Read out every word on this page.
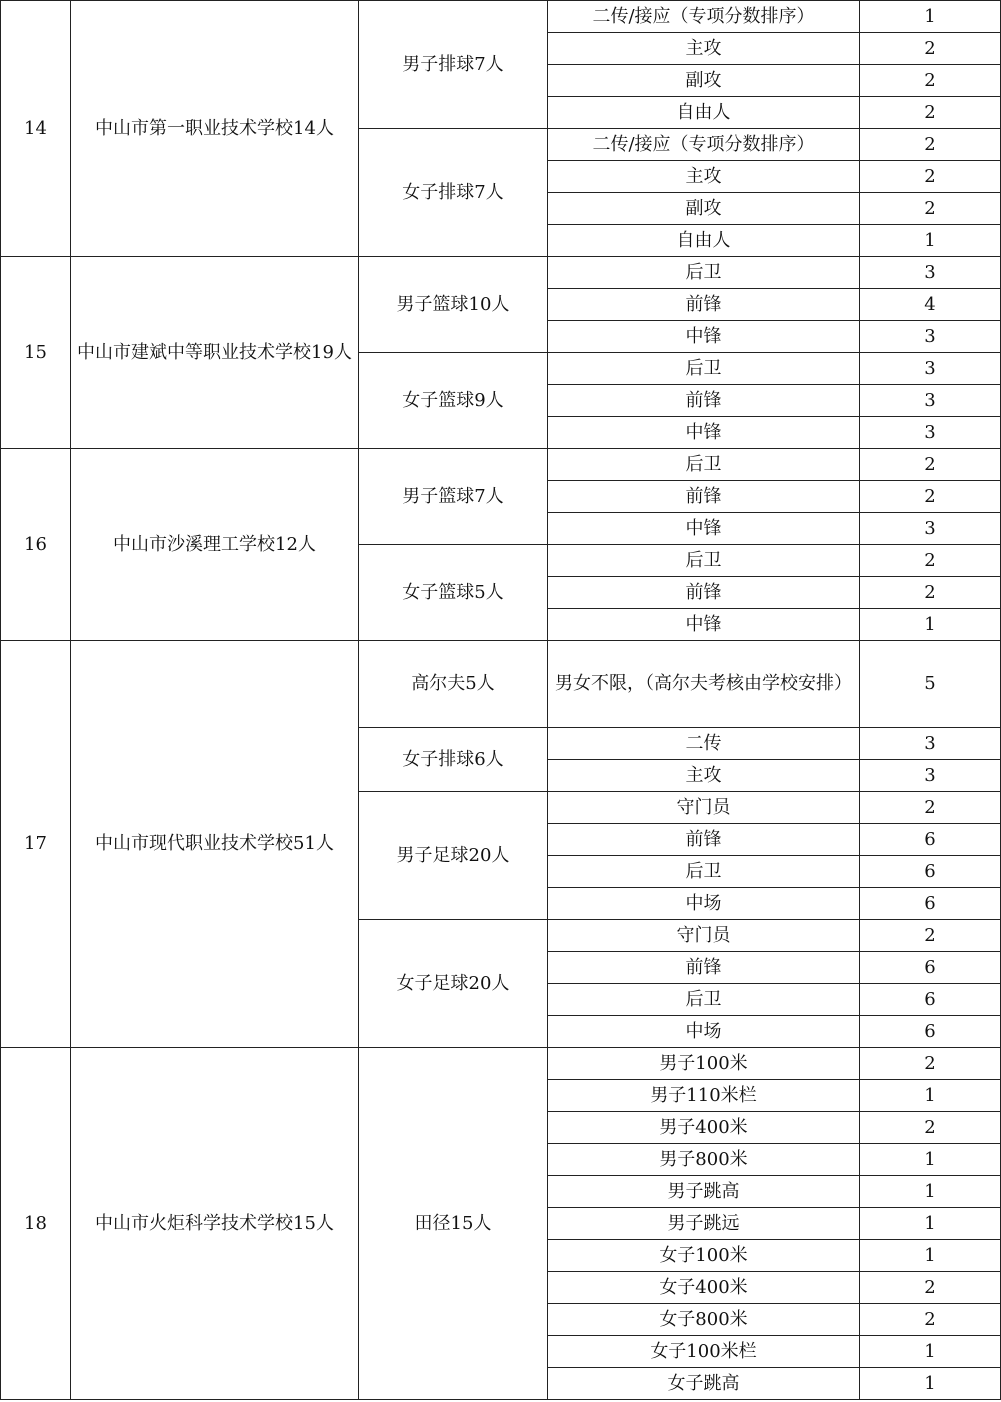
14	中山市第一职业技术学校14人	男子排球7人	二传/接应（专项分数排序）	1
			主攻	2
			副攻	2
			自由人	2
		女子排球7人	二传/接应（专项分数排序）	2
			主攻	2
			副攻	2
			自由人	1
15	中山市建斌中等职业技术学校19人	男子篮球10人	后卫	3
			前锋	4
			中锋	3
		女子篮球9人	后卫	3
			前锋	3
			中锋	3
16	中山市沙溪理工学校12人	男子篮球7人	后卫	2
			前锋	2
			中锋	3
		女子篮球5人	后卫	2
			前锋	2
			中锋	1
17	中山市现代职业技术学校51人	高尔夫5人	男女不限，（高尔夫考核由学校安排）	5
		女子排球6人	二传	3
			主攻	3
		男子足球20人	守门员	2
			前锋	6
			后卫	6
			中场	6
		女子足球20人	守门员	2
			前锋	6
			后卫	6
			中场	6
18	中山市火炬科学技术学校15人	田径15人	男子100米	2
			男子110米栏	1
			男子400米	2
			男子800米	1
			男子跳高	1
			男子跳远	1
			女子100米	1
			女子400米	2
			女子800米	2
			女子100米栏	1
			女子跳高	1
